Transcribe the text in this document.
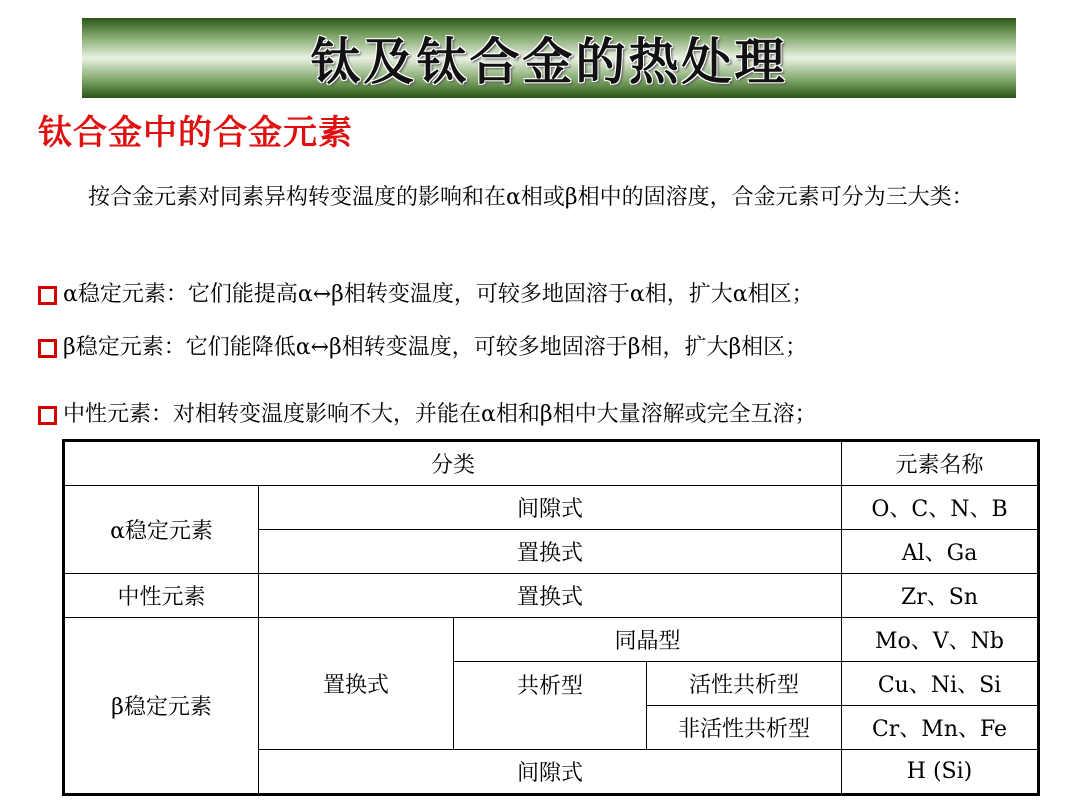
钛及钛合金的热处理
钛合金中的合金元素

按合金元素对同素异构转变温度的影响和在α相或β相中的固溶度，合金元素可分为三大类：

α稳定元素：它们能提高α↔β相转变温度，可较多地固溶于α相，扩大α相区；

β稳定元素：它们能降低α↔β相转变温度，可较多地固溶于β相，扩大β相区；

中性元素：对相转变温度影响不大，并能在α相和β相中大量溶解或完全互溶；

分类				元素名称
α稳定元素	间隙式			O、C、N、B
	置换式			Al、Ga
中性元素	置换式			Zr、Sn
β稳定元素	置换式	同晶型		Mo、V、Nb
		共析型	活性共析型	Cu、Ni、Si
			非活性共析型	Cr、Mn、Fe
	间隙式			H (Si)
